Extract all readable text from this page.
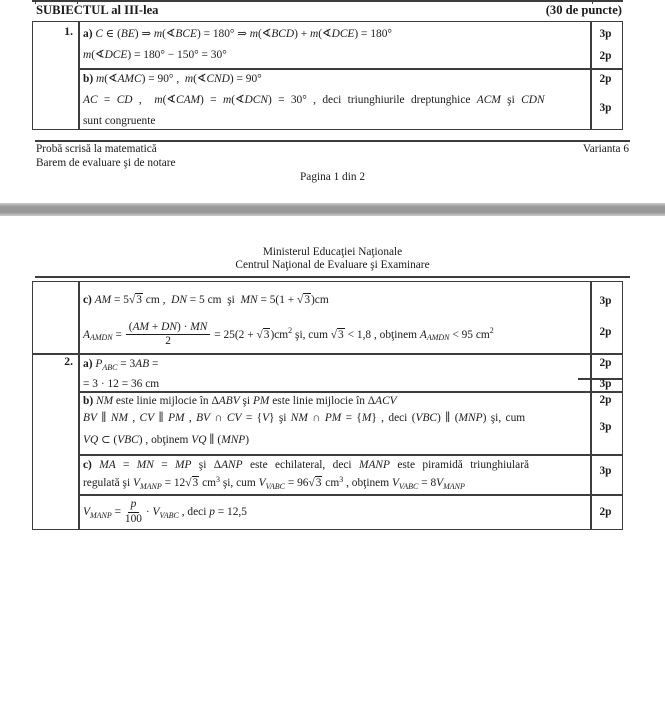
SUBIECTUL al III-lea	(30 de puncte)
1. a) C ∈ (BE) ⇒ m(∢BCE) = 180° ⇒ m(∢BCD) + m(∢DCE) = 180°
m(∢DCE) = 180° − 150° = 30°
b) m(∢AMC) = 90° ,  m(∢CND) = 90°
AC = CD ,  m(∢CAM) = m(∢DCN) = 30° , deci triunghiurile dreptunghice ACM şi CDN
sunt congruente
3p
2p
2p
3p
Probă scrisă la matematică	Varianta 6
Barem de evaluare şi de notare
Pagina 1 din 2
Ministerul Educaţiei Naţionale
Centrul Naţional de Evaluare şi Examinare
2.
c) AM = 5√3 cm ,  DN = 5 cm  şi  MN = 5(1 + √3)cm
A AMDN = $\frac{(AM + DN) \cdot MN}{2} = 25(2 + √3$ )cm 2 şi, cum √3 < 1,8 , obţinem A AMDN < 95 cm 2
a) $P_{ABC} = 3AB$ =
= 3 · 12 = 36 cm
b) NM este linie mijlocie în ΔABV şi PM este linie mijlocie în ΔACV
BV ∥ NM , CV ∥ PM , BV ∩ CV = {V} şi NM ∩ PM = {M} , deci (VBC) ∥ (MNP) şi, cum
VQ ⊂ (VBC) , obţinem VQ ∥ (MNP)
c) MA = MN = MP şi ΔANP este echilateral, deci MANP este piramidă triunghiulară
regulată şi $V_{MANP} = 12√3$ $cm^3$ şi, cum $V_{VABC} = 96√3$ $cm^3$ , obţinem $V_{VABC} = 8V_{MANP}$
V MANP = $\frac{p}{100} \cdot V$ VABC , deci p = 12,5
3p
2p
2p
3p
2p
3p
3p
2p
